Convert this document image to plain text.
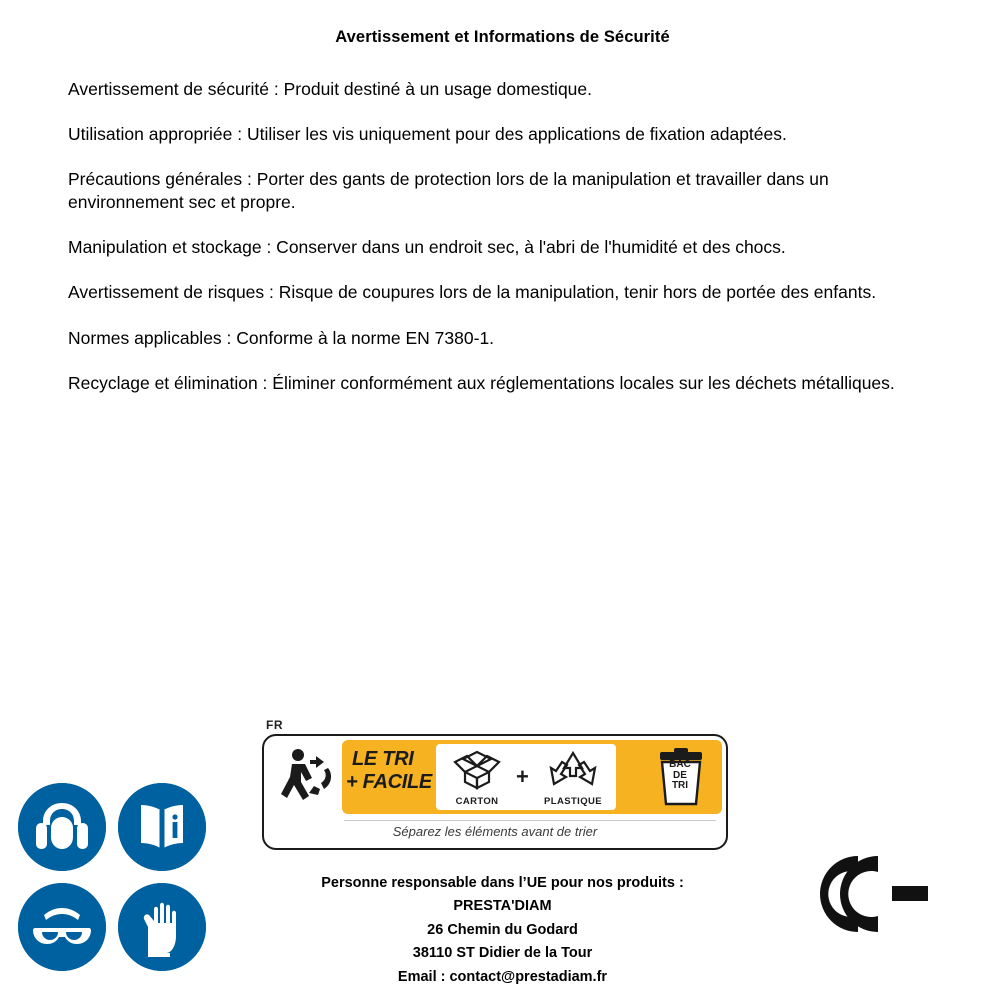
Avertissement et Informations de Sécurité

Avertissement de sécurité : Produit destiné à un usage domestique.

Utilisation appropriée : Utiliser les vis uniquement pour des applications de fixation adaptées.

Précautions générales : Porter des gants de protection lors de la manipulation et travailler dans un environnement sec et propre.

Manipulation et stockage : Conserver dans un endroit sec, à l'abri de l'humidité et des chocs.

Avertissement de risques : Risque de coupures lors de la manipulation, tenir hors de portée des enfants.

Normes applicables : Conforme à la norme EN 7380-1.

Recyclage et élimination : Éliminer conformément aux réglementations locales sur les déchets métalliques.

FR
LE TRI
+ FACILE
CARTON
+
PLASTIQUE
BAC
DE
TRI
Séparez les éléments avant de trier
Personne responsable dans l’UE pour nos produits :
PRESTA'DIAM
26 Chemin du Godard
38110 ST Didier de la Tour
Email : contact@prestadiam.fr
